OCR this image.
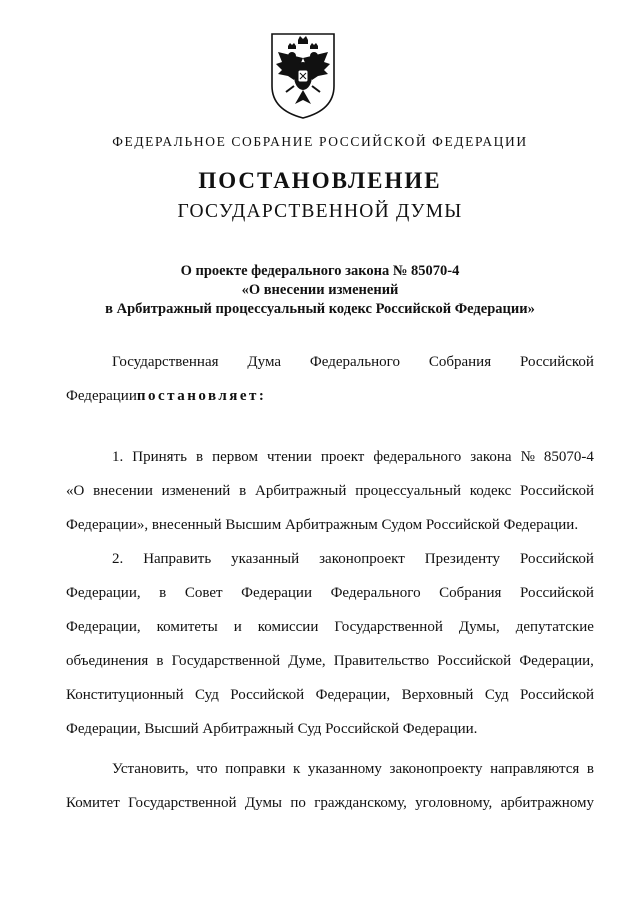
ФЕДЕРАЛЬНОЕ СОБРАНИЕ РОССИЙСКОЙ ФЕДЕРАЦИИ
ПОСТАНОВЛЕНИЕ
ГОСУДАРСТВЕННОЙ ДУМЫ
О проекте федерального закона № 85070-4
«О внесении изменений
в Арбитражный процессуальный кодекс Российской Федерации»
Государственная Дума Федерального Собрания Российской
Федерации постановляет:
1. Принять в первом чтении проект федерального закона № 85070-4
«О внесении изменений в Арбитражный процессуальный кодекс Российской
Федерации», внесенный Высшим Арбитражным Судом Российской Федерации.
2. Направить указанный законопроект Президенту Российской
Федерации, в Совет Федерации Федерального Собрания Российской
Федерации, комитеты и комиссии Государственной Думы, депутатские
объединения в Государственной Думе, Правительство Российской Федерации,
Конституционный Суд Российской Федерации, Верховный Суд Российской
Федерации, Высший Арбитражный Суд Российской Федерации.
Установить, что поправки к указанному законопроекту направляются в
Комитет Государственной Думы по гражданскому, уголовному, арбитражному
